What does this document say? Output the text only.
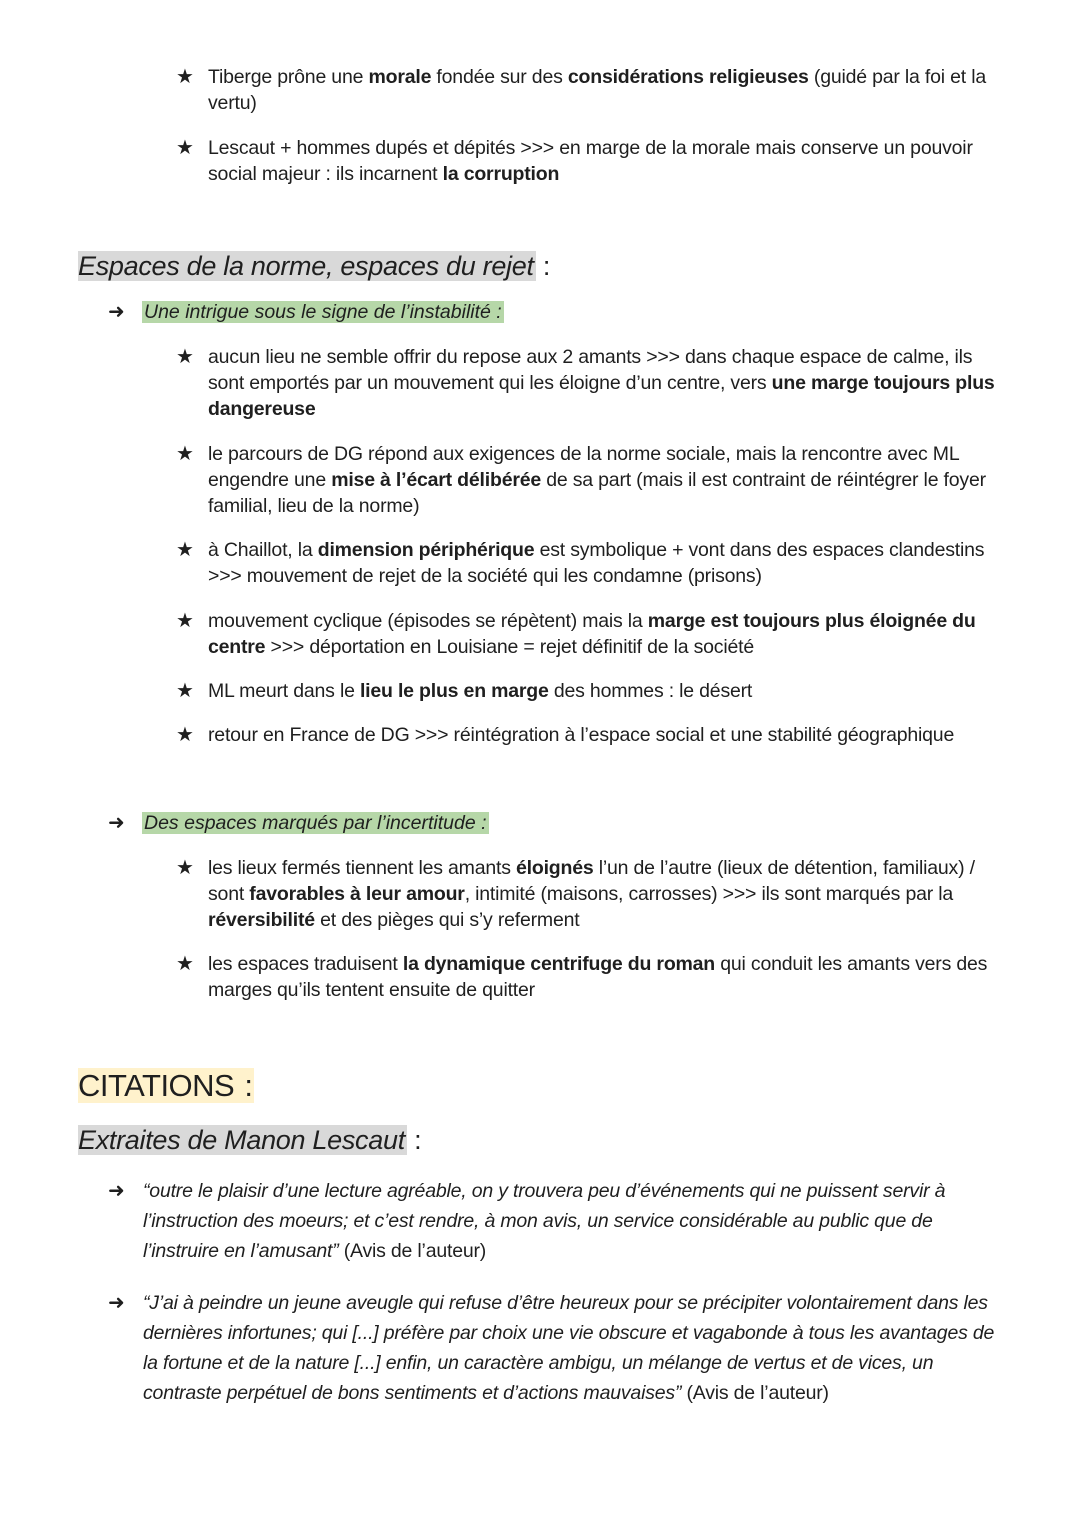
★ Tiberge prône une morale fondée sur des considérations religieuses (guidé par la foi et la vertu)
★ Lescaut + hommes dupés et dépités >>> en marge de la morale mais conserve un pouvoir social majeur : ils incarnent la corruption
Espaces de la norme, espaces du rejet :
➜ Une intrigue sous le signe de l’instabilité :
★ aucun lieu ne semble offrir du repose aux 2 amants >>> dans chaque espace de calme, ils sont emportés par un mouvement qui les éloigne d’un centre, vers une marge toujours plus dangereuse
★ le parcours de DG répond aux exigences de la norme sociale, mais la rencontre avec ML engendre une mise à l’écart délibérée de sa part (mais il est contraint de réintégrer le foyer familial, lieu de la norme)
★ à Chaillot, la dimension périphérique est symbolique + vont dans des espaces clandestins >>> mouvement de rejet de la société qui les condamne (prisons)
★ mouvement cyclique (épisodes se répètent) mais la marge est toujours plus éloignée du centre >>> déportation en Louisiane = rejet définitif de la société
★ ML meurt dans le lieu le plus en marge des hommes : le désert
★ retour en France de DG >>> réintégration à l’espace social et une stabilité géographique
➜ Des espaces marqués par l’incertitude :
★ les lieux fermés tiennent les amants éloignés l’un de l’autre (lieux de détention, familiaux) / sont favorables à leur amour, intimité (maisons, carrosses) >>> ils sont marqués par la réversibilité et des pièges qui s’y referment
★ les espaces traduisent la dynamique centrifuge du roman qui conduit les amants vers des marges qu’ils tentent ensuite de quitter
CITATIONS :
Extraites de Manon Lescaut :
➜ “outre le plaisir d’une lecture agréable, on y trouvera peu d’événements qui ne puissent servir à l’instruction des moeurs; et c’est rendre, à mon avis, un service considérable au public que de l’instruire en l’amusant” (Avis de l’auteur)
➜ “J’ai à peindre un jeune aveugle qui refuse d’être heureux pour se précipiter volontairement dans les dernières infortunes; qui [...] préfère par choix une vie obscure et vagabonde à tous les avantages de la fortune et de la nature [...] enfin, un caractère ambigu, un mélange de vertus et de vices, un contraste perpétuel de bons sentiments et d’actions mauvaises” (Avis de l’auteur)
